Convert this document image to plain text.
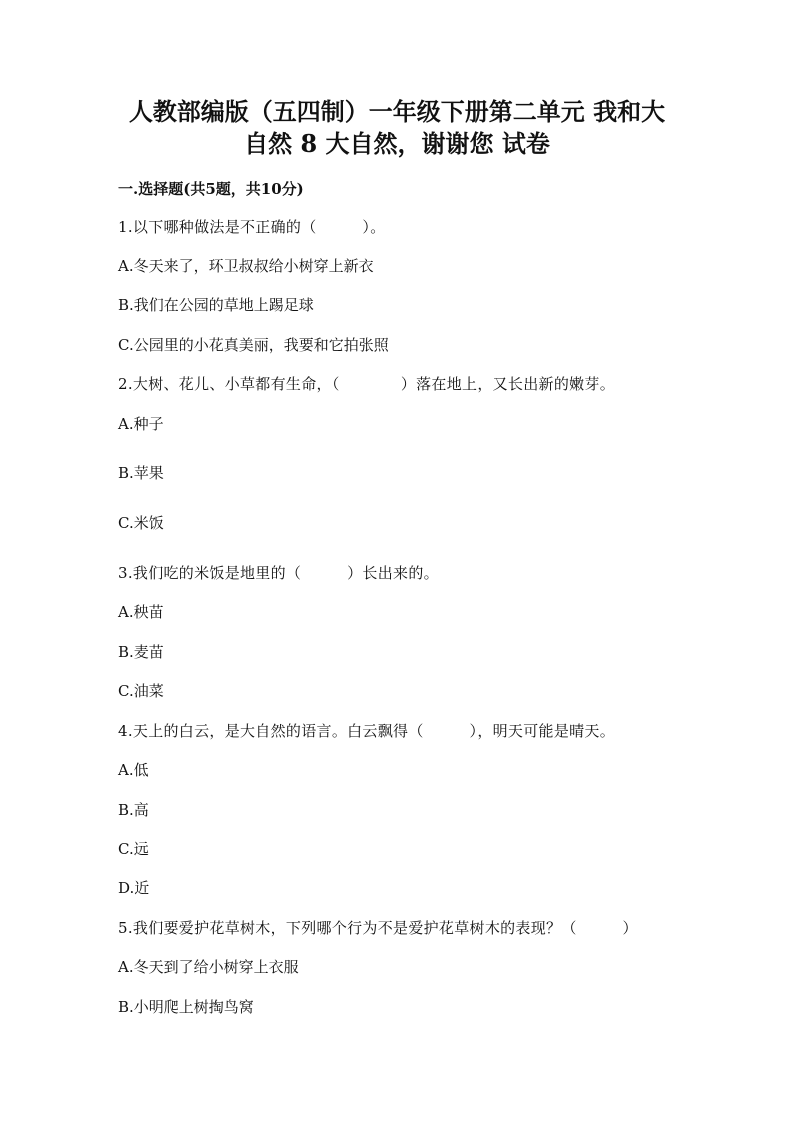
人教部编版（五四制）一年级下册第二单元 我和大
自然 8 大自然，谢谢您 试卷
一.选择题(共5题，共10分)
1.以下哪种做法是不正确的（　　　）。
A.冬天来了，环卫叔叔给小树穿上新衣
B.我们在公园的草地上踢足球
C.公园里的小花真美丽，我要和它拍张照
2.大树、花儿、小草都有生命，（　　　　）落在地上，又长出新的嫩芽。
A.种子
B.苹果
C.米饭
3.我们吃的米饭是地里的（　　　）长出来的。
A.秧苗
B.麦苗
C.油菜
4.天上的白云，是大自然的语言。白云飘得（　　　），明天可能是晴天。
A.低
B.高
C.远
D.近
5.我们要爱护花草树木，下列哪个行为不是爱护花草树木的表现？（　　　）
A.冬天到了给小树穿上衣服
B.小明爬上树掏鸟窝
